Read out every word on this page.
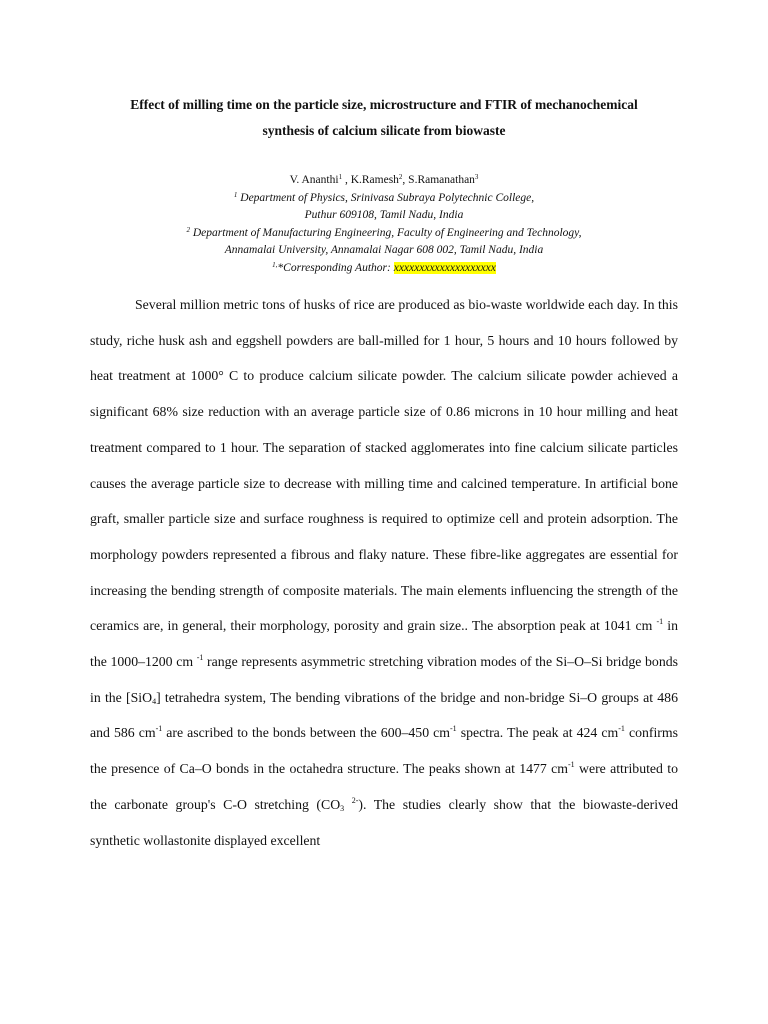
Effect of milling time on the particle size, microstructure and FTIR of mechanochemical
synthesis of calcium silicate from biowaste
V. Ananthi$^1$ , K.Ramesh$^2$, S.Ramanathan$^3$
$^1$ Department of Physics, Srinivasa Subraya Polytechnic College,
Puthur 609108, Tamil Nadu, India
$^2$ Department of Manufacturing Engineering, Faculty of Engineering and Technology,
Annamalai University, Annamalai Nagar 608 002, Tamil Nadu, India
$^{1,}$*Corresponding Author: xxxxxxxxxxxxxxxxxxxx

Several million metric tons of husks of rice are produced as bio-waste worldwide each day. In this study, riche husk ash and eggshell powders are ball-milled for 1 hour, 5 hours and 10 hours followed by heat treatment at 1000° C to produce calcium silicate powder. The calcium silicate powder achieved a significant 68% size reduction with an average particle size of 0.86 microns in 10 hour milling and heat treatment compared to 1 hour. The separation of stacked agglomerates into fine calcium silicate particles causes the average particle size to decrease with milling time and calcined temperature. In artificial bone graft, smaller particle size and surface roughness is required to optimize cell and protein adsorption. The morphology powders represented a fibrous and flaky nature. These fibre-like aggregates are essential for increasing the bending strength of composite materials. The main elements influencing the strength of the ceramics are, in general, their morphology, porosity and grain size.. The absorption peak at 1041 cm $^{-1}$ in the 1000–1200 cm $^{-1}$ range represents asymmetric stretching vibration modes of the Si–O–Si bridge bonds in the [SiO$_4$] tetrahedra system, The bending vibrations of the bridge and non-bridge Si–O groups at 486 and 586 $cm^{-1}$ are ascribed to the bonds between the 600–450 $cm^{-1}$ spectra. The peak at 424 $cm^{-1}$ confirms the presence of Ca–O bonds in the octahedra structure. The peaks shown at 1477 $cm^{-1}$ were attributed to the carbonate group's C-O stretching ($CO_3$ $^{2-}$). The studies clearly show that the biowaste-derived synthetic wollastonite displayed excellent
